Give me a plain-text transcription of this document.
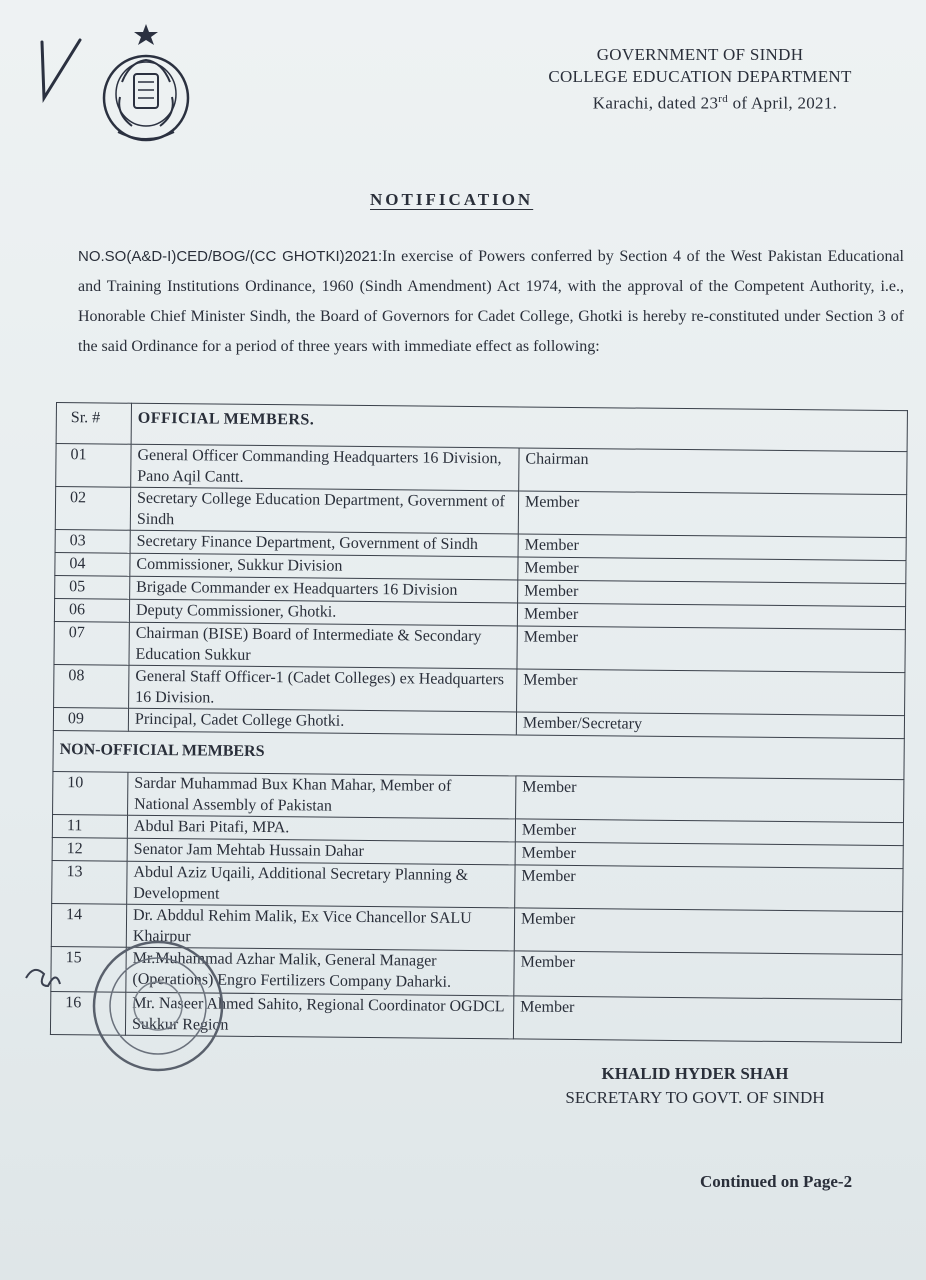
GOVERNMENT OF SINDH
COLLEGE EDUCATION DEPARTMENT
Karachi, dated 23rd of April, 2021.
NOTIFICATION
NO.SO(A&D-I)CED/BOG/(CC GHOTKI)2021:In exercise of Powers conferred by Section 4 of the West Pakistan Educational and Training Institutions Ordinance, 1960 (Sindh Amendment) Act 1974, with the approval of the Competent Authority, i.e., Honorable Chief Minister Sindh, the Board of Governors for Cadet College, Ghotki is hereby re-constituted under Section 3 of the said Ordinance for a period of three years with immediate effect as following:
Sr. #	OFFICIAL MEMBERS.	
01	General Officer Commanding Headquarters 16 Division, Pano Aqil Cantt.	Chairman
02	Secretary College Education Department, Government of Sindh	Member
03	Secretary Finance Department, Government of Sindh	Member
04	Commissioner, Sukkur Division	Member
05	Brigade Commander ex Headquarters 16 Division	Member
06	Deputy Commissioner, Ghotki.	Member
07	Chairman (BISE) Board of Intermediate & Secondary Education Sukkur	Member
08	General Staff Officer-1 (Cadet Colleges) ex Headquarters 16 Division.	Member
09	Principal, Cadet College Ghotki.	Member/Secretary
NON-OFFICIAL MEMBERS		
10	Sardar Muhammad Bux Khan Mahar, Member of National Assembly of Pakistan	Member
11	Abdul Bari Pitafi, MPA.	Member
12	Senator Jam Mehtab Hussain Dahar	Member
13	Abdul Aziz Uqaili, Additional Secretary Planning & Development	Member
14	Dr. Abddul Rehim Malik, Ex Vice Chancellor SALU Khairpur	Member
15	Mr.Muhammad Azhar Malik, General Manager (Operations) Engro Fertilizers Company Daharki.	Member
16	Mr. Naseer Ahmed Sahito, Regional Coordinator OGDCL Sukkur Region	Member
KHALID HYDER SHAH
SECRETARY TO GOVT. OF SINDH
Continued on Page-2
